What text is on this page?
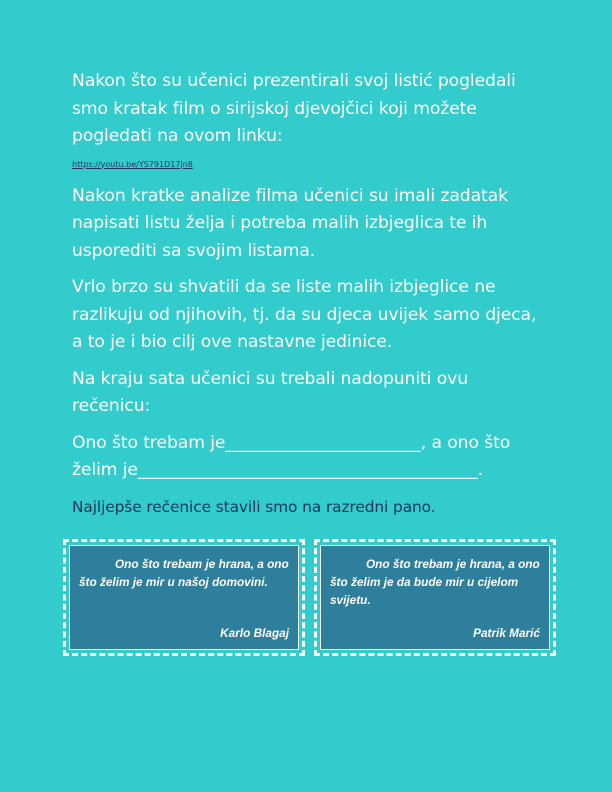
Nakon što su učenici prezentirali svoj listić pogledali smo kratak film o sirijskoj djevojčici koji možete pogledati na ovom linku:

https://youtu.be/YS791D17jn8

Nakon kratke analize filma učenici su imali zadatak napisati listu želja i potreba malih izbjeglica te ih usporediti sa svojim listama.

Vrlo brzo su shvatili da se liste malih izbjeglice ne razlikuju od njihovih, tj. da su djeca uvijek samo djeca, a to je i bio cilj ove nastavne jedinice.

Na kraju sata učenici su trebali nadopuniti ovu rečenicu:

Ono što trebam je_______________________, a ono što želim je________________________________________.

Najljepše rečenice stavili smo na razredni pano.

Ono što trebam je hrana, a ono što želim je mir u našoj domovini.
Karlo Blagaj
Ono što trebam je hrana, a ono što želim je da bude mir u cijelom svijetu.
Patrik Marić
